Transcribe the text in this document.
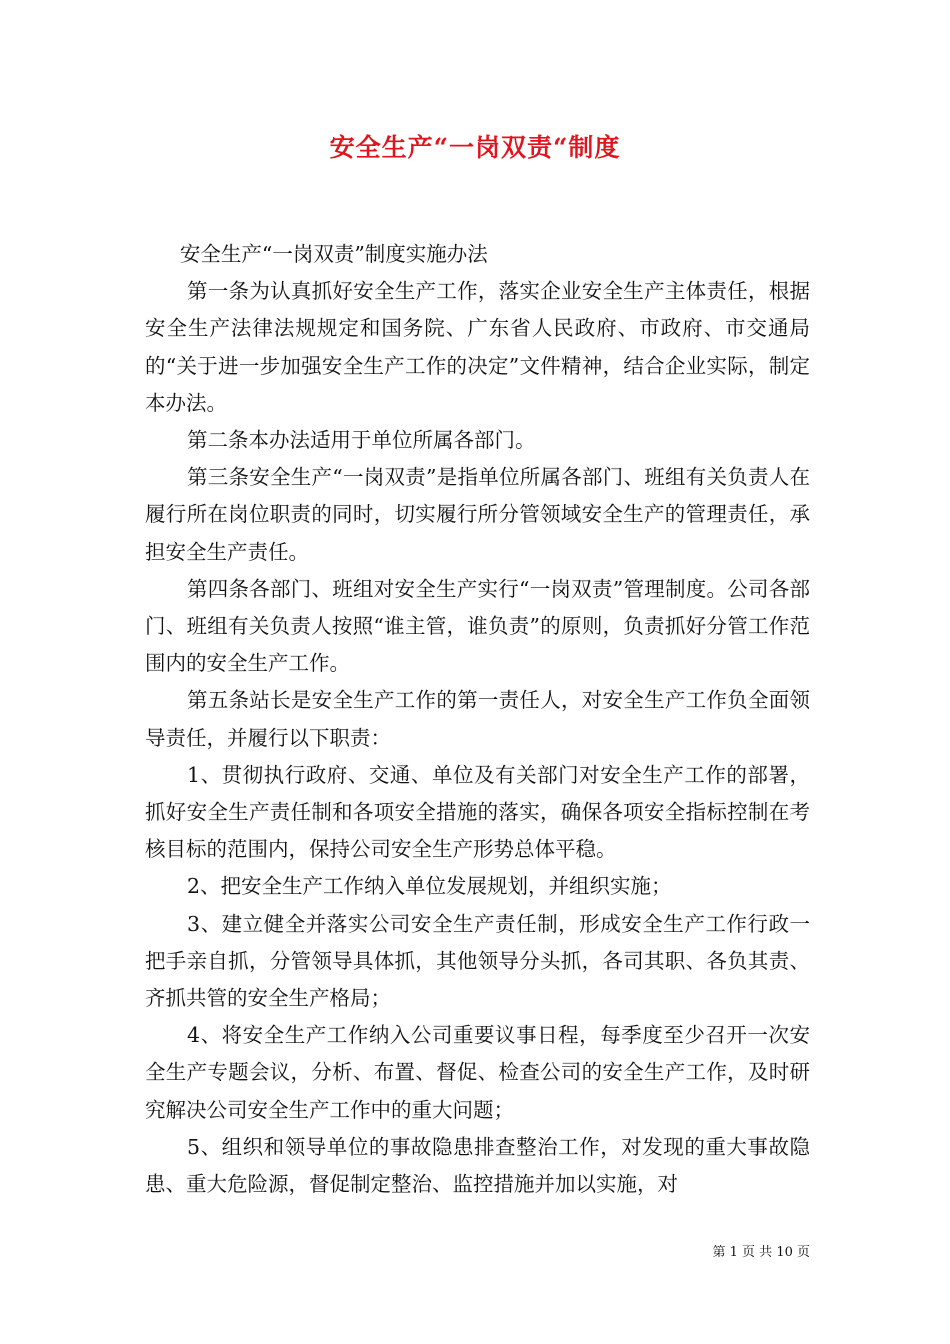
安全生产“一岗双责“制度

安全生产“一岗双责”制度实施办法

第一条为认真抓好安全生产工作，落实企业安全生产主体责任，根据安全生产法律法规规定和国务院、广东省人民政府、市政府、市交通局的“关于进一步加强安全生产工作的决定”文件精神，结合企业实际，制定本办法。

第二条本办法适用于单位所属各部门。

第三条安全生产“一岗双责”是指单位所属各部门、班组有关负责人在履行所在岗位职责的同时，切实履行所分管领域安全生产的管理责任，承担安全生产责任。

第四条各部门、班组对安全生产实行“一岗双责”管理制度。公司各部门、班组有关负责人按照“谁主管，谁负责”的原则，负责抓好分管工作范围内的安全生产工作。

第五条站长是安全生产工作的第一责任人，对安全生产工作负全面领导责任，并履行以下职责：

1、贯彻执行政府、交通、单位及有关部门对安全生产工作的部署，抓好安全生产责任制和各项安全措施的落实，确保各项安全指标控制在考核目标的范围内，保持公司安全生产形势总体平稳。

2、把安全生产工作纳入单位发展规划，并组织实施；

3、建立健全并落实公司安全生产责任制，形成安全生产工作行政一把手亲自抓，分管领导具体抓，其他领导分头抓，各司其职、各负其责、齐抓共管的安全生产格局；

4、将安全生产工作纳入公司重要议事日程，每季度至少召开一次安全生产专题会议，分析、布置、督促、检查公司的安全生产工作，及时研究解决公司安全生产工作中的重大问题；

5、组织和领导单位的事故隐患排查整治工作，对发现的重大事故隐患、重大危险源，督促制定整治、监控措施并加以实施，对

第 1 页 共 10 页
